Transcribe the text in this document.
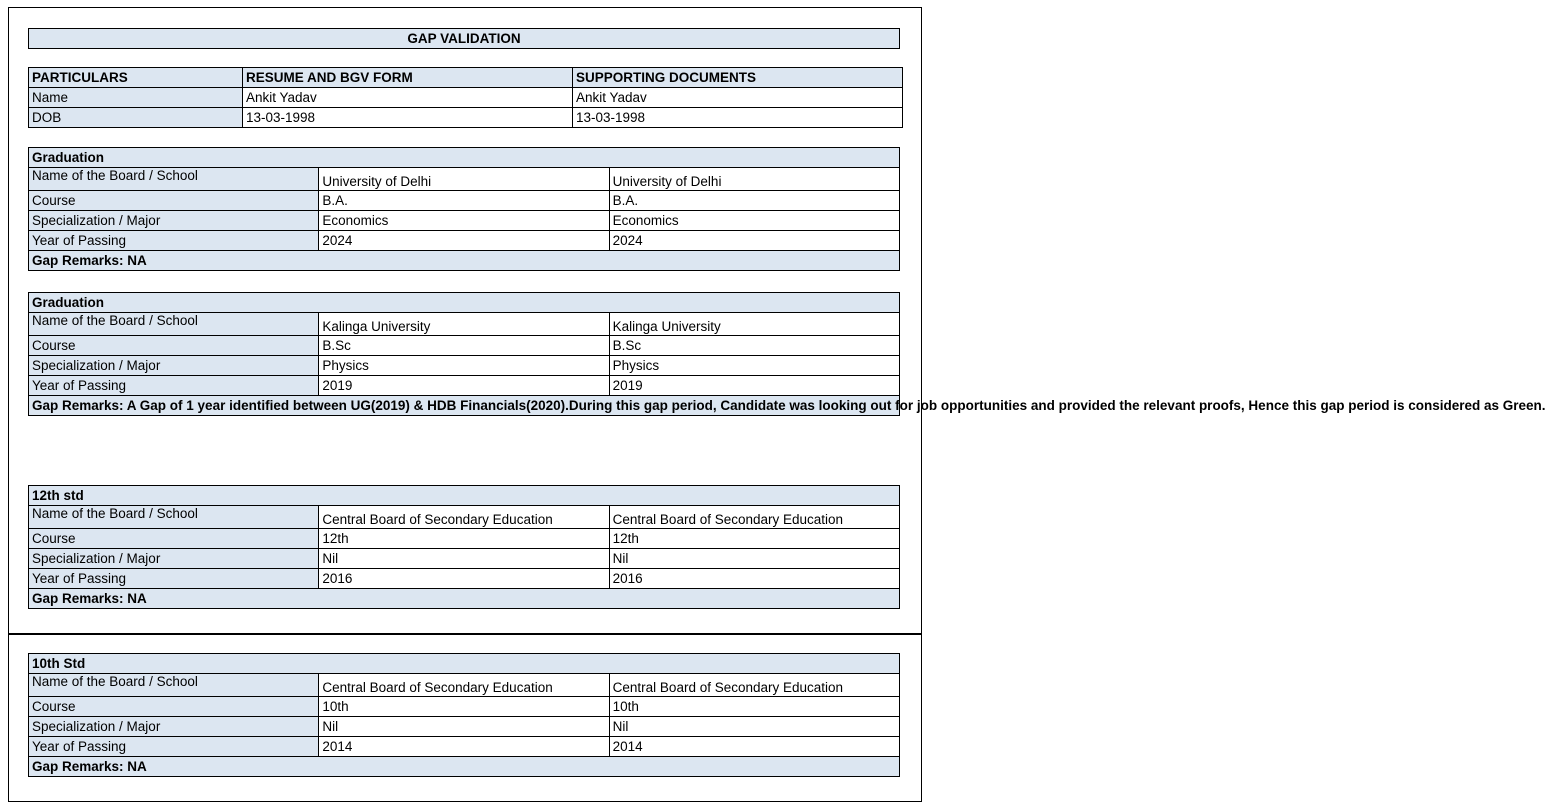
GAP VALIDATION
PARTICULARS	RESUME AND BGV FORM	SUPPORTING DOCUMENTS
Name	Ankit Yadav	Ankit Yadav
DOB	13-03-1998	13-03-1998
Graduation		
Name of the Board / School	University of Delhi	University of Delhi
Course	B.A.	B.A.
Specialization / Major	Economics	Economics
Year of Passing	2024	2024
Gap Remarks: NA		
Graduation		
Name of the Board / School	Kalinga University	Kalinga University
Course	B.Sc	B.Sc
Specialization / Major	Physics	Physics
Year of Passing	2019	2019
Gap Remarks: A Gap of 1 year identified between UG(2019) & HDB Financials(2020).During this gap period, Candidate was looking out for job opportunities and provided the relevant proofs, Hence this gap period is considered as Green.		
12th std		
Name of the Board / School	Central Board of Secondary Education	Central Board of Secondary Education
Course	12th	12th
Specialization / Major	Nil	Nil
Year of Passing	2016	2016
Gap Remarks: NA		
10th Std		
Name of the Board / School	Central Board of Secondary Education	Central Board of Secondary Education
Course	10th	10th
Specialization / Major	Nil	Nil
Year of Passing	2014	2014
Gap Remarks: NA		
